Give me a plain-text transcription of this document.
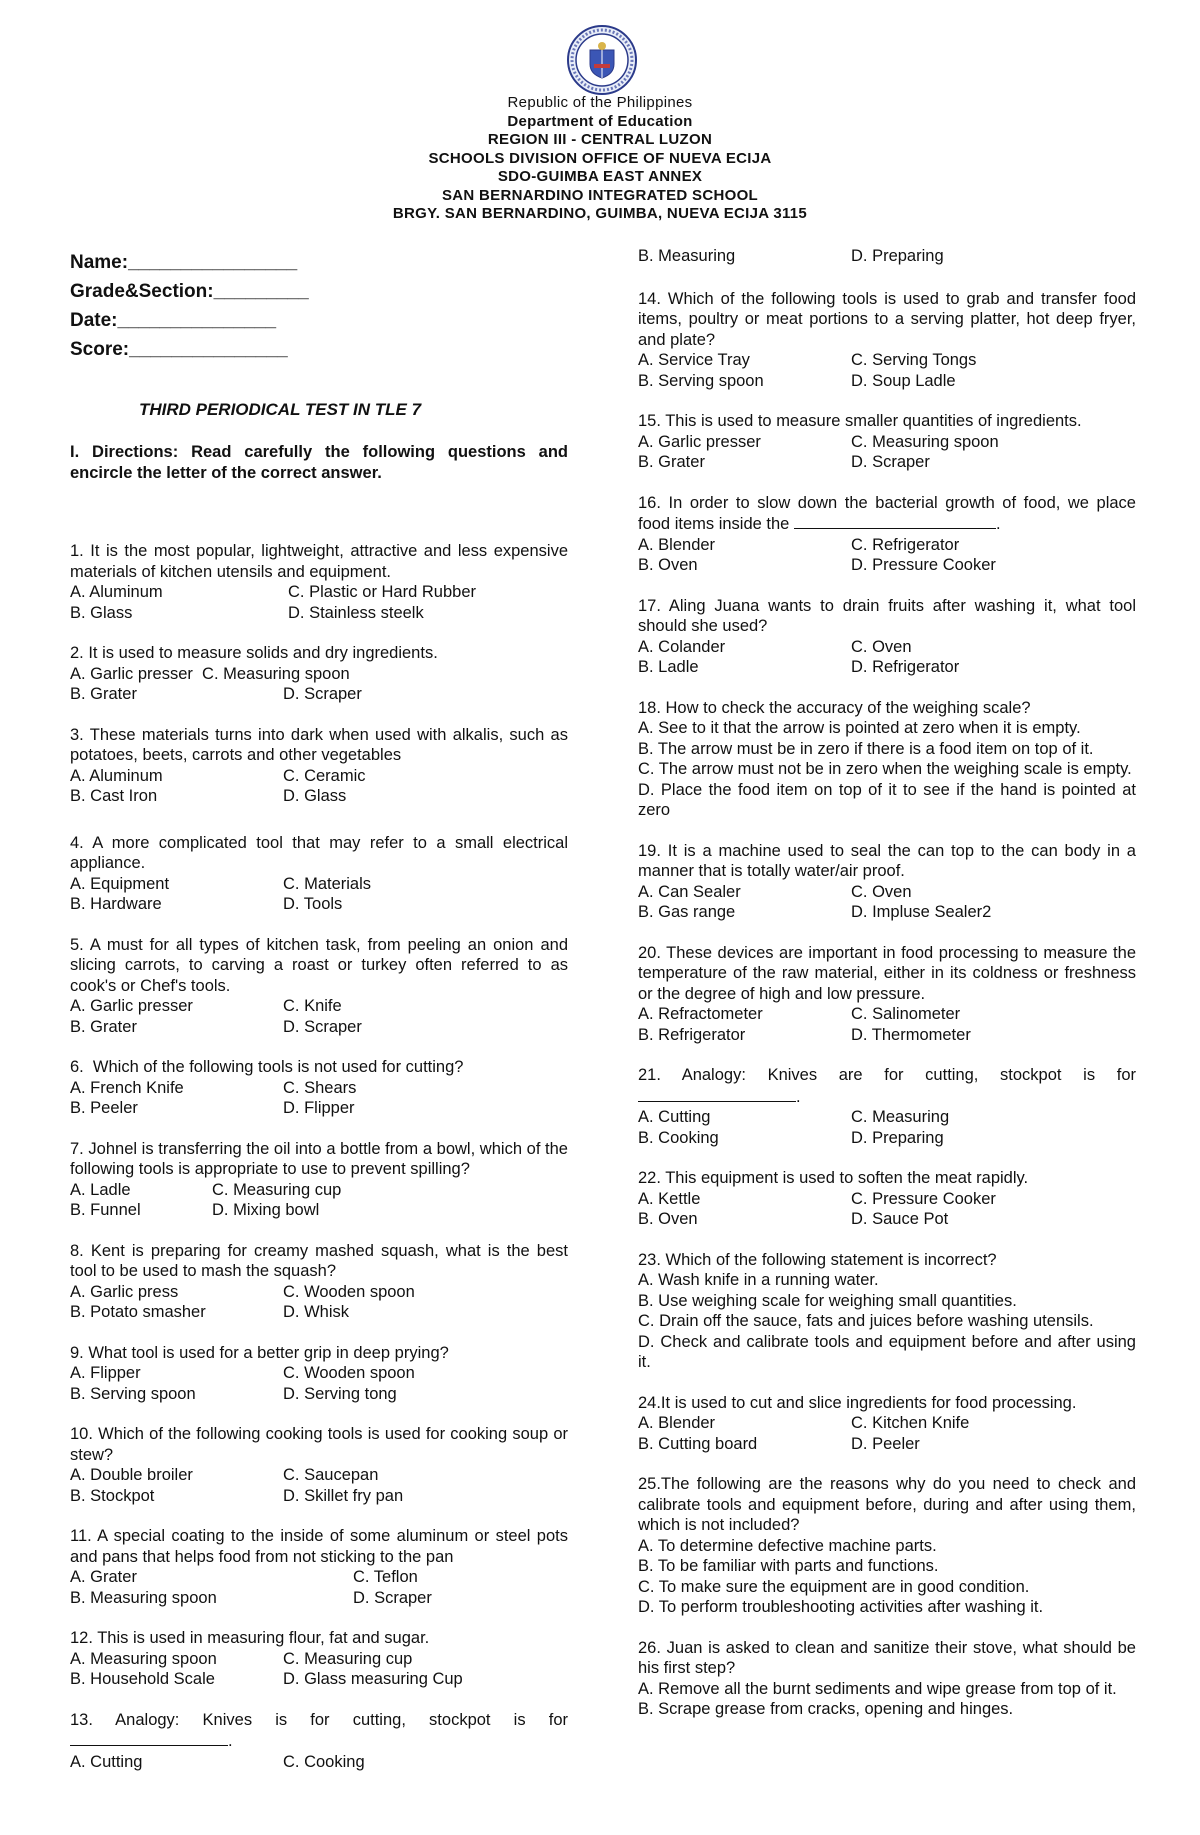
Republic of the Philippines
Department of Education
REGION III - CENTRAL LUZON
SCHOOLS DIVISION OFFICE OF NUEVA ECIJA
SDO-GUIMBA EAST ANNEX
SAN BERNARDINO INTEGRATED SCHOOL
BRGY. SAN BERNARDINO, GUIMBA, NUEVA ECIJA 3115
Name:________________
Grade&Section:_________
Date:_______________
Score:_______________
THIRD PERIODICAL TEST IN TLE 7
I. Directions: Read carefully the following questions and encircle the letter of the correct answer.
1. It is the most popular, lightweight, attractive and less expensive materials of kitchen utensils and equipment.
A. Aluminum	C. Plastic or Hard Rubber
B. Glass	D. Stainless steelk
2. It is used to measure solids and dry ingredients.
A. Garlic presser  C. Measuring spoon
B. Grater	D. Scraper
3. These materials turns into dark when used with alkalis, such as potatoes, beets, carrots and other vegetables
A. Aluminum	C. Ceramic
B. Cast Iron	D. Glass
4. A more complicated tool that may refer to a small electrical appliance.
A. Equipment	C. Materials
B. Hardware	D. Tools
5. A must for all types of kitchen task, from peeling an onion and slicing carrots, to carving a roast or turkey often referred to as cook's or Chef's tools.
A. Garlic presser	C. Knife
B. Grater	D. Scraper
6.  Which of the following tools is not used for cutting?
A. French Knife	C. Shears
B. Peeler	D. Flipper
7. Johnel is transferring the oil into a bottle from a bowl, which of the following tools is appropriate to use to prevent spilling?
A. Ladle	C. Measuring cup
B. Funnel	D. Mixing bowl
8. Kent is preparing for creamy mashed squash, what is the best tool to be used to mash the squash?
A. Garlic press	C. Wooden spoon
B. Potato smasher	D. Whisk
9. What tool is used for a better grip in deep prying?
A. Flipper	C. Wooden spoon
B. Serving spoon	D. Serving tong
10. Which of the following cooking tools is used for cooking soup or stew?
A. Double broiler	C. Saucepan
B. Stockpot	D. Skillet fry pan
11. A special coating to the inside of some aluminum or steel pots and pans that helps food from not sticking to the pan
A. Grater	C. Teflon
B. Measuring spoon	D. Scraper
12. This is used in measuring flour, fat and sugar.
A. Measuring spoon	C. Measuring cup
B. Household Scale	D. Glass measuring Cup
13. Analogy: Knives is for cutting, stockpot is for
.
A. Cutting	C. Cooking
B. Measuring	D. Preparing
14. Which of the following tools is used to grab and transfer food items, poultry or meat portions to a serving platter, hot deep fryer, and plate?
A. Service Tray	C. Serving Tongs
B. Serving spoon	D. Soup Ladle
15. This is used to measure smaller quantities of ingredients.
A. Garlic presser	C. Measuring spoon
B. Grater	D. Scraper
16. In order to slow down the bacterial growth of food, we place food items inside the	.
A. Blender	C. Refrigerator
B. Oven	D. Pressure Cooker
17. Aling Juana wants to drain fruits after washing it, what tool should she used?
A. Colander	C. Oven
B. Ladle	D. Refrigerator
18. How to check the accuracy of the weighing scale?
A. See to it that the arrow is pointed at zero when it is empty.
B. The arrow must be in zero if there is a food item on top of it.
C. The arrow must not be in zero when the weighing scale is empty.
D. Place the food item on top of it to see if the hand is pointed at zero
19. It is a machine used to seal the can top to the can body in a manner that is totally water/air proof.
A. Can Sealer	C. Oven
B. Gas range	D. Impluse Sealer2
20. These devices are important in food processing to measure the temperature of the raw material, either in its coldness or freshness or the degree of high and low pressure.
A. Refractometer	C. Salinometer
B. Refrigerator	D. Thermometer
21. Analogy: Knives are for cutting, stockpot is for
.
A. Cutting	C. Measuring
B. Cooking	D. Preparing
22. This equipment is used to soften the meat rapidly.
A. Kettle	C. Pressure Cooker
B. Oven	D. Sauce Pot
23. Which of the following statement is incorrect?
A. Wash knife in a running water.
B. Use weighing scale for weighing small quantities.
C. Drain off the sauce, fats and juices before washing utensils.
D. Check and calibrate tools and equipment before and after using it.
24.It is used to cut and slice ingredients for food processing.
A. Blender	C. Kitchen Knife
B. Cutting board	D. Peeler
25.The following are the reasons why do you need to check and calibrate tools and equipment before, during and after using them, which is not included?
A. To determine defective machine parts.
B. To be familiar with parts and functions.
C. To make sure the equipment are in good condition.
D. To perform troubleshooting activities after washing it.
26. Juan is asked to clean and sanitize their stove, what should be his first step?
A. Remove all the burnt sediments and wipe grease from top of it.
B. Scrape grease from cracks, opening and hinges.
